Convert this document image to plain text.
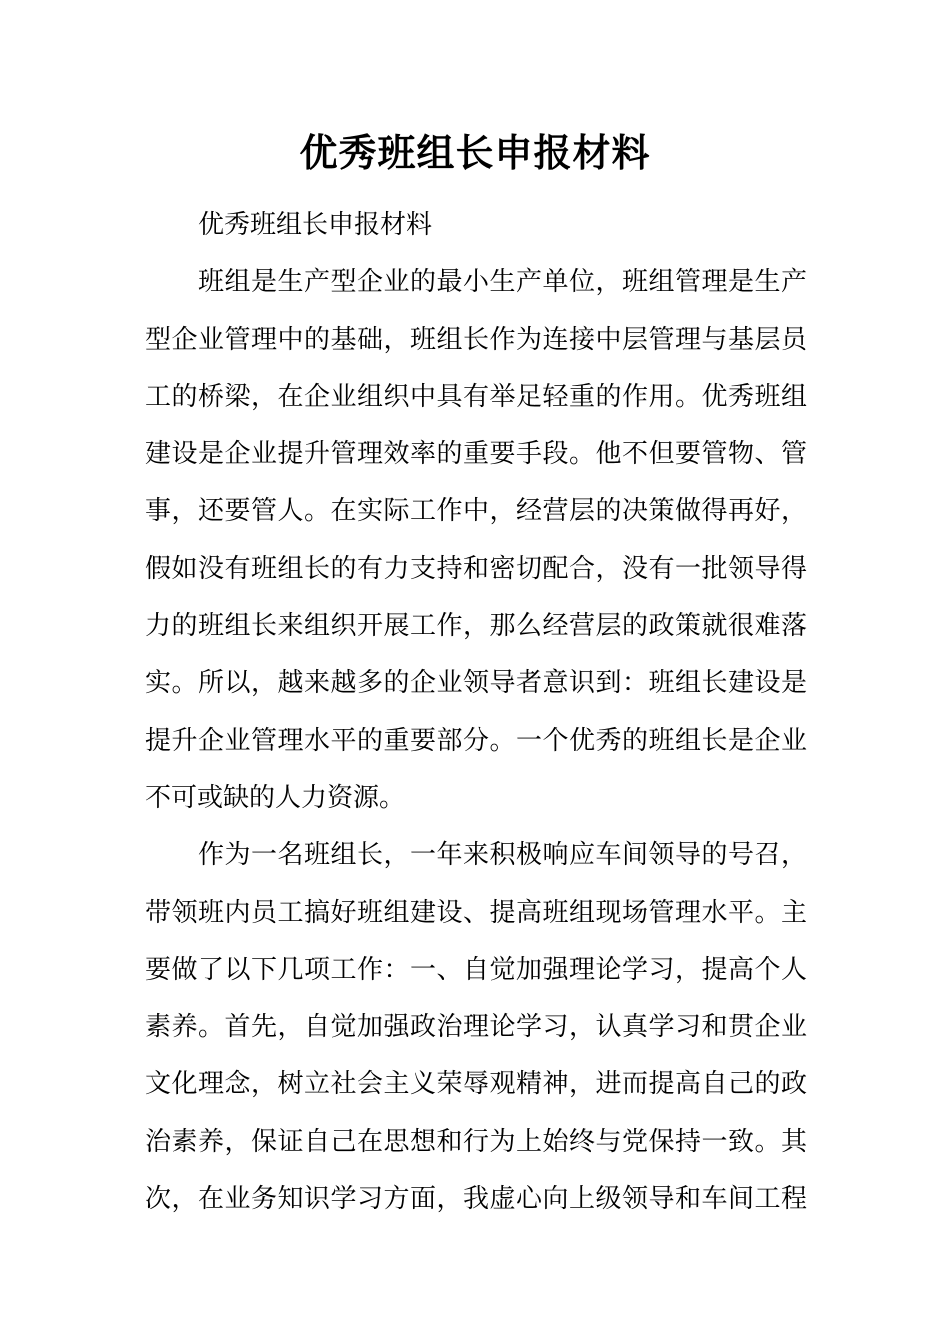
优秀班组长申报材料
优秀班组长申报材料
班组是生产型企业的最小生产单位，班组管理是生产
型企业管理中的基础，班组长作为连接中层管理与基层员
工的桥梁，在企业组织中具有举足轻重的作用。优秀班组
建设是企业提升管理效率的重要手段。他不但要管物、管
事，还要管人。在实际工作中，经营层的决策做得再好，
假如没有班组长的有力支持和密切配合，没有一批领导得
力的班组长来组织开展工作，那么经营层的政策就很难落
实。所以，越来越多的企业领导者意识到：班组长建设是
提升企业管理水平的重要部分。一个优秀的班组长是企业
不可或缺的人力资源。
作为一名班组长，一年来积极响应车间领导的号召，
带领班内员工搞好班组建设、提高班组现场管理水平。主
要做了以下几项工作：一、自觉加强理论学习，提高个人
素养。首先，自觉加强政治理论学习，认真学习和贯企业
文化理念，树立社会主义荣辱观精神，进而提高自己的政
治素养，保证自己在思想和行为上始终与党保持一致。其
次，在业务知识学习方面，我虚心向上级领导和车间工程
